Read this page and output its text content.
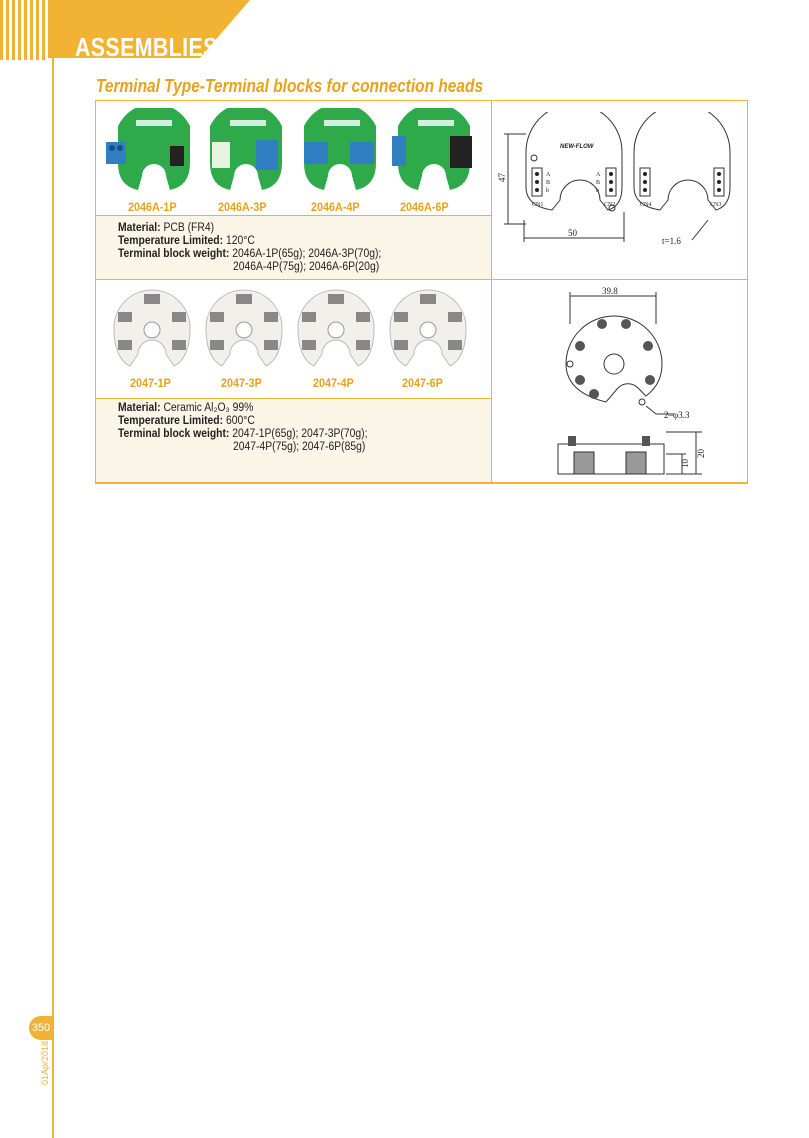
ASSEMBLIES
Terminal Type-Terminal blocks for connection heads
2046A-1P	2046A-3P	2046A-4P	2046A-6P
Material: PCB (FR4)
Temperature Limited: 120°C
Terminal block weight: 2046A-1P(65g); 2046A-3P(70g);
2046A-4P(75g); 2046A-6P(20g)
NEW-FLOW
A
B
b
A
B
b
CN1	CN2	CN4	CN3
47
50
t=1.6
2047-1P	2047-3P	2047-4P	2047-6P
Material: Ceramic Al₂O₃ 99%
Temperature Limited: 600°C
Terminal block weight: 2047-1P(65g); 2047-3P(70g);
2047-4P(75g); 2047-6P(85g)
39.8
2–φ3.3
10
20
350
01Apr2018
